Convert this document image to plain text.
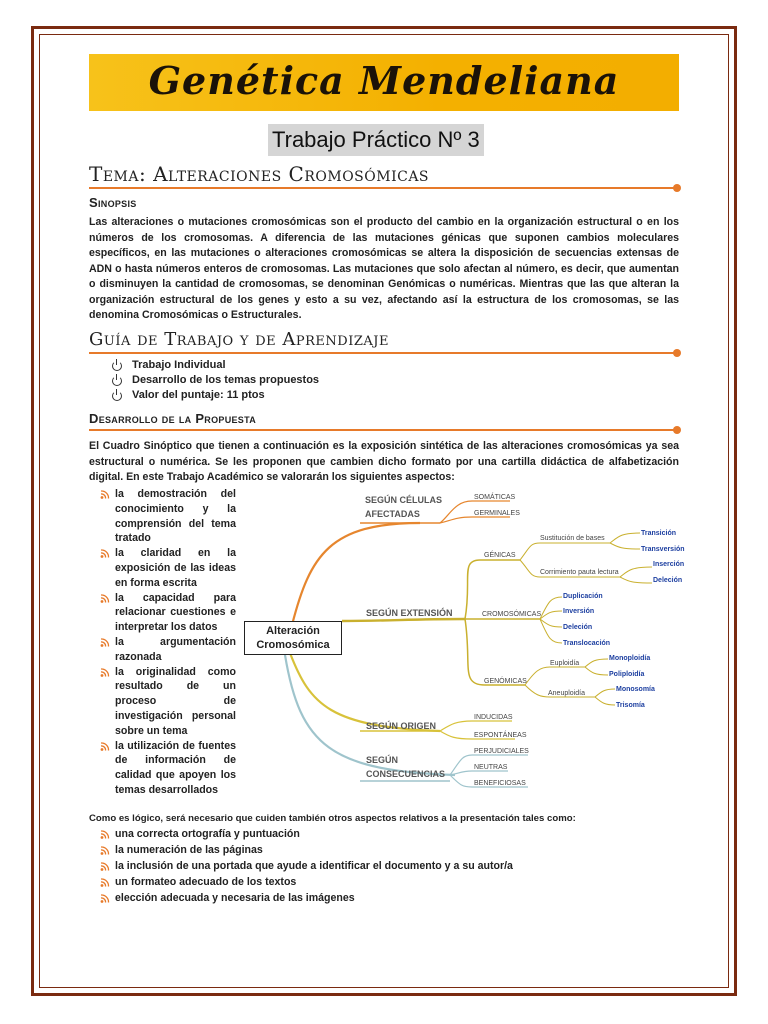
Genética Mendeliana
Trabajo Práctico Nº 3
Tema: Alteraciones Cromosómicas
Sinopsis
Las alteraciones o mutaciones cromosómicas son el producto del cambio en la organización estructural o en los números de los cromosomas. A diferencia de las mutaciones génicas que suponen cambios moleculares específicos, en las mutaciones o alteraciones cromosómicas se altera la disposición de secuencias extensas de ADN o hasta números enteros de cromosomas. Las mutaciones que solo afectan al número, es decir, que aumentan o disminuyen la cantidad de cromosomas, se denominan Genómicas o numéricas. Mientras que las que alteran la organización estructural de los genes y esto a su vez, afectando así la estructura de los cromosomas, se las denomina Cromosómicas o Estructurales.
Guía de Trabajo y de Aprendizaje
Trabajo Individual
Desarrollo de los temas propuestos
Valor del puntaje: 11 ptos
Desarrollo de la Propuesta
El Cuadro Sinóptico que tienen a continuación es la exposición sintética de las alteraciones cromosómicas ya sea estructural o numérica. Se les proponen que cambien dicho formato por una cartilla didáctica de alfabetización digital. En este Trabajo Académico se valorarán los siguientes aspectos:
la demostración del conocimiento y la comprensión del tema tratado
la claridad en la exposición de las ideas en forma escrita
la capacidad para relacionar cuestiones e interpretar los datos
la argumentación razonada
la originalidad como resultado de un proceso de investigación personal sobre un tema
la utilización de fuentes de información de calidad que apoyen los temas desarrollados
SEGÚN CÉLULAS
AFECTADAS
SOMÁTICAS
GERMINALES
SEGÚN EXTENSIÓN
GÉNICAS
Sustitución de bases
Corrimiento pauta lectura
Transición
Transversión
Inserción
Deleción
CROMOSÓMICAS
Duplicación
Inversión
Deleción
Translocación
GENÓMICAS
Euploidía
Aneuploidía
Monoploidía
Poliploidía
Monosomía
Trisomía
SEGÚN ORIGEN
INDUCIDAS
ESPONTÁNEAS
SEGÚN
CONSECUENCIAS
PERJUDICIALES
NEUTRAS
BENEFICIOSAS
Alteración Cromosómica
Como es lógico, será necesario que cuiden también otros aspectos relativos a la presentación tales como:
una correcta ortografía y puntuación
la numeración de las páginas
la inclusión de una portada que ayude a identificar el documento y a su autor/a
un formateo adecuado de los textos
elección adecuada y necesaria de las imágenes
